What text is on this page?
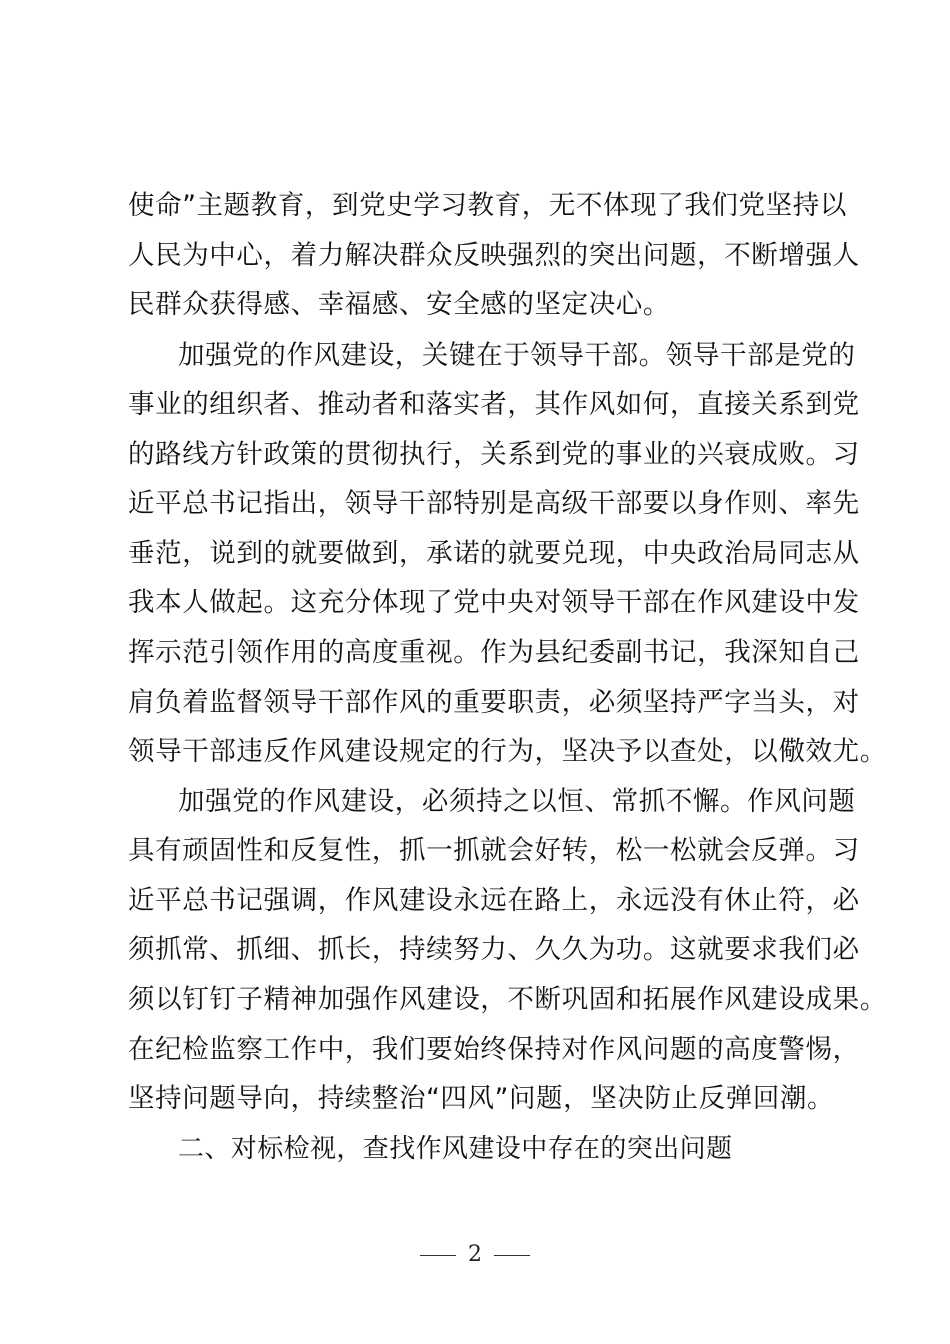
使命”主题教育，到党史学习教育，无不体现了我们党坚持以
人民为中心，着力解决群众反映强烈的突出问题，不断增强人
民群众获得感、幸福感、安全感的坚定决心。
加强党的作风建设，关键在于领导干部。领导干部是党的
事业的组织者、推动者和落实者，其作风如何，直接关系到党
的路线方针政策的贯彻执行，关系到党的事业的兴衰成败。习
近平总书记指出，领导干部特别是高级干部要以身作则、率先
垂范，说到的就要做到，承诺的就要兑现，中央政治局同志从
我本人做起。这充分体现了党中央对领导干部在作风建设中发
挥示范引领作用的高度重视。作为县纪委副书记，我深知自己
肩负着监督领导干部作风的重要职责，必须坚持严字当头，对
领导干部违反作风建设规定的行为，坚决予以查处，以儆效尤。
加强党的作风建设，必须持之以恒、常抓不懈。作风问题
具有顽固性和反复性，抓一抓就会好转，松一松就会反弹。习
近平总书记强调，作风建设永远在路上，永远没有休止符，必
须抓常、抓细、抓长，持续努力、久久为功。这就要求我们必
须以钉钉子精神加强作风建设，不断巩固和拓展作风建设成果。
在纪检监察工作中，我们要始终保持对作风问题的高度警惕，
坚持问题导向，持续整治“四风”问题，坚决防止反弹回潮。
二、对标检视，查找作风建设中存在的突出问题
2
